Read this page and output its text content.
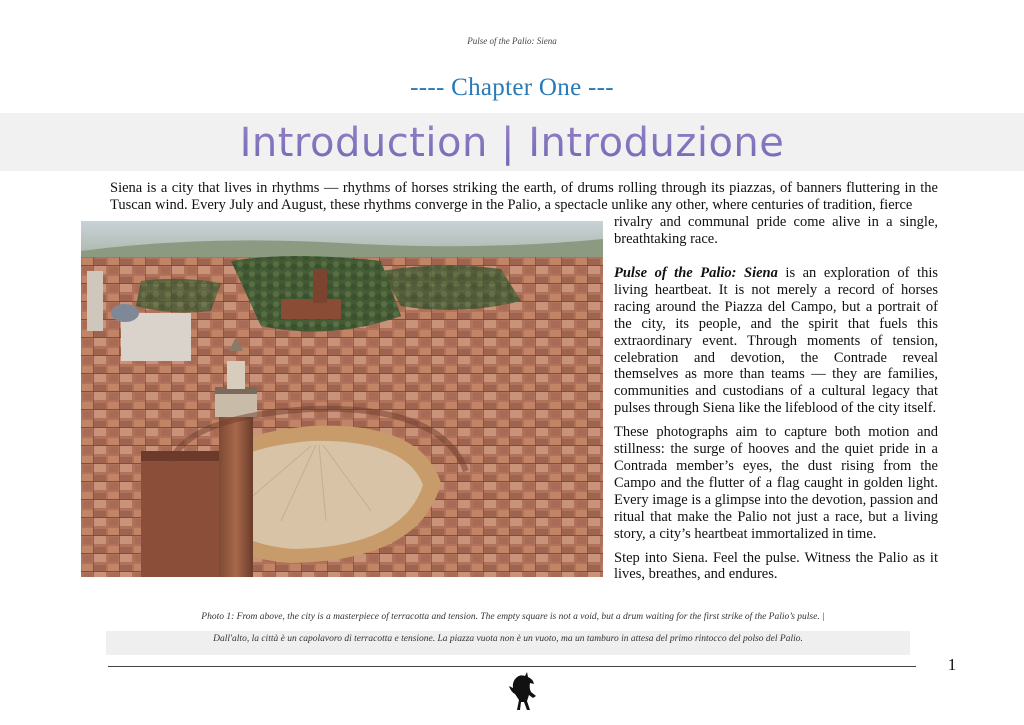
Pulse of the Palio: Siena
---- Chapter One ---
Introduction | Introduzione

Siena is a city that lives in rhythms — rhythms of horses striking the earth, of drums rolling through its piazzas, of banners fluttering in the Tuscan wind. Every July and August, these rhythms converge in the Palio, a spectacle unlike any other, where centuries of tradition, fierce

rivalry and communal pride come alive in a single, breathtaking race.

Pulse of the Palio: Siena is an exploration of this living heartbeat. It is not merely a record of horses racing around the Piazza del Campo, but a portrait of the city, its people, and the spirit that fuels this extraordinary event. Through moments of tension, celebration and devotion, the Contrade reveal themselves as more than teams — they are families, communities and custodians of a cultural legacy that pulses through Siena like the lifeblood of the city itself.

These photographs aim to capture both motion and stillness: the surge of hooves and the quiet pride in a Contrada member’s eyes, the dust rising from the Campo and the flutter of a flag caught in golden light. Every image is a glimpse into the devotion, passion and ritual that make the Palio not just a race, but a living story, a city’s heartbeat immortalized in time.

Step into Siena. Feel the pulse. Witness the Palio as it lives, breathes, and endures.

Photo 1: From above, the city is a masterpiece of terracotta and tension. The empty square is not a void, but a drum waiting for the first strike of the Palio’s pulse. |
Dall'alto, la città è un capolavoro di terracotta e tensione. La piazza vuota non è un vuoto, ma un tamburo in attesa del primo rintocco del polso del Palio.
1
